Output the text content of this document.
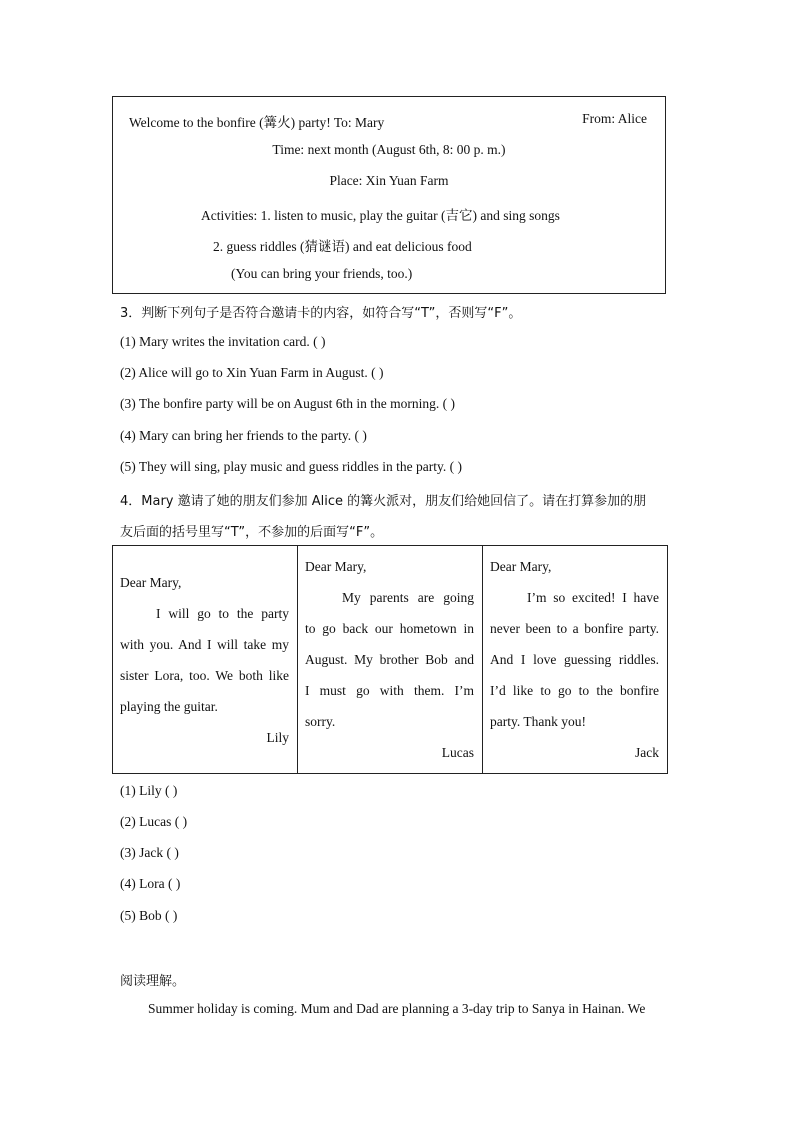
Welcome to the bonfire (篝火) party! To: Mary	From: Alice
Time: next month (August 6th, 8: 00 p. m.)
Place: Xin Yuan Farm
Activities: 1. listen to music, play the guitar (吉它) and sing songs
2. guess riddles (猜谜语) and eat delicious food
(You can bring your friends, too.)
3．判断下列句子是否符合邀请卡的内容，如符合写“T”，否则写“F”。
(1) Mary writes the invitation card. ( )
(2) Alice will go to Xin Yuan Farm in August. ( )
(3) The bonfire party will be on August 6th in the morning. ( )
(4) Mary can bring her friends to the party. ( )
(5) They will sing, play music and guess riddles in the party. ( )
4．Mary 邀请了她的朋友们参加 Alice 的篝火派对，朋友们给她回信了。请在打算参加的朋
友后面的括号里写“T”，不参加的后面写“F”。

Dear Mary,

I will go to the party

with you. And I will take my

sister Lora, too. We both like

playing the guitar.

Lily

Dear Mary,

My parents are going

to go back our hometown in

August. My brother Bob and

I must go with them. I’m

sorry.

Lucas

Dear Mary,

I’m so excited! I have

never been to a bonfire party.

And I love guessing riddles.

I’d like to go to the bonfire

party. Thank you!

Jack

(1) Lily ( )
(2) Lucas ( )
(3) Jack ( )
(4) Lora ( )
(5) Bob ( )
阅读理解。
Summer holiday is coming. Mum and Dad are planning a 3-day trip to Sanya in Hainan. We
